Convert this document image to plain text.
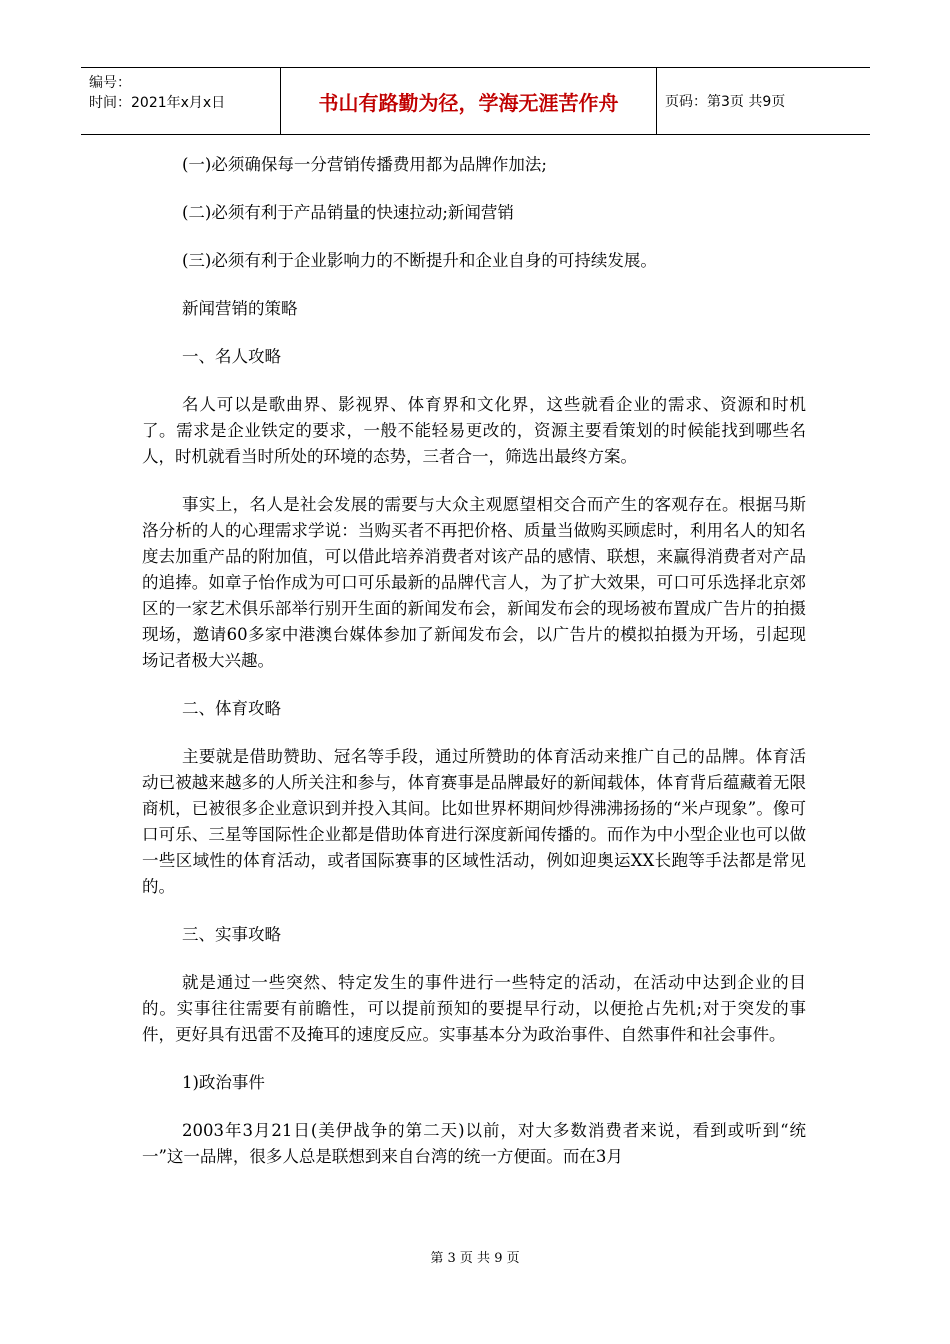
编号：
时间：2021年x月x日	书山有路勤为径，学海无涯苦作舟	页码：第3页 共9页

(一)必须确保每一分营销传播费用都为品牌作加法;

(二)必须有利于产品销量的快速拉动;新闻营销

(三)必须有利于企业影响力的不断提升和企业自身的可持续发展。

新闻营销的策略

一、名人攻略

名人可以是歌曲界、影视界、体育界和文化界，这些就看企业的需求、资源和时机了。需求是企业铁定的要求，一般不能轻易更改的，资源主要看策划的时候能找到哪些名人，时机就看当时所处的环境的态势，三者合一，筛选出最终方案。

事实上，名人是社会发展的需要与大众主观愿望相交合而产生的客观存在。根据马斯洛分析的人的心理需求学说：当购买者不再把价格、质量当做购买顾虑时，利用名人的知名度去加重产品的附加值，可以借此培养消费者对该产品的感情、联想，来赢得消费者对产品的追捧。如章子怡作成为可口可乐最新的品牌代言人，为了扩大效果，可口可乐选择北京郊区的一家艺术俱乐部举行别开生面的新闻发布会，新闻发布会的现场被布置成广告片的拍摄现场，邀请60多家中港澳台媒体参加了新闻发布会，以广告片的模拟拍摄为开场，引起现场记者极大兴趣。

二、体育攻略

主要就是借助赞助、冠名等手段，通过所赞助的体育活动来推广自己的品牌。体育活动已被越来越多的人所关注和参与，体育赛事是品牌最好的新闻载体，体育背后蕴藏着无限商机，已被很多企业意识到并投入其间。比如世界杯期间炒得沸沸扬扬的“米卢现象”。像可口可乐、三星等国际性企业都是借助体育进行深度新闻传播的。而作为中小型企业也可以做一些区域性的体育活动，或者国际赛事的区域性活动，例如迎奥运XX长跑等手法都是常见的。

三、实事攻略

就是通过一些突然、特定发生的事件进行一些特定的活动，在活动中达到企业的目的。实事往往需要有前瞻性，可以提前预知的要提早行动，以便抢占先机;对于突发的事件，更好具有迅雷不及掩耳的速度反应。实事基本分为政治事件、自然事件和社会事件。

1)政治事件

2003年3月21日(美伊战争的第二天)以前，对大多数消费者来说，看到或听到“统一”这一品牌，很多人总是联想到来自台湾的统一方便面。而在3月

第 3 页 共 9 页
